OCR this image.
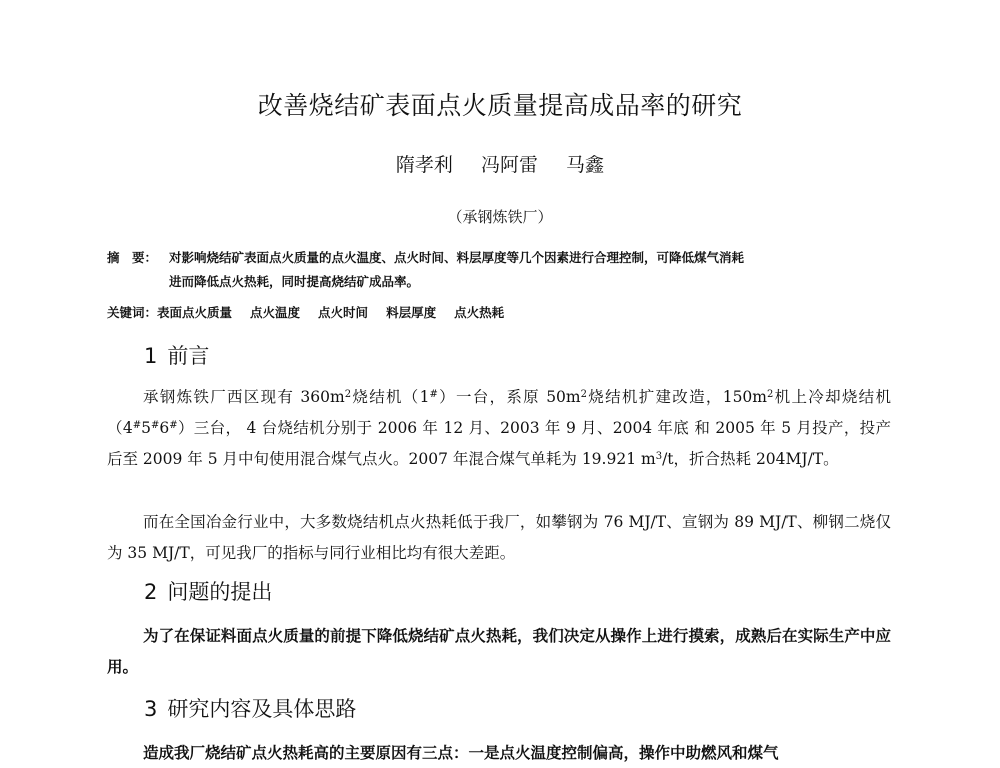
改善烧结矿表面点火质量提高成品率的研究
隋孝利 冯阿雷 马鑫
（承钢炼铁厂）
摘　要： 对影响烧结矿表面点火质量的点火温度、点火时间、料层厚度等几个因素进行合理控制，可降低煤气消耗
进而降低点火热耗，同时提高烧结矿成品率。
关键词：表面点火质量 点火温度 点火时间 料层厚度 点火热耗
1 前言
承钢炼铁厂西区现有 $360m^2$烧结机（1#）一台，系原 $50m^2$烧结机扩建改造，$150m^2$机上冷却烧结机（4#5#6#）三台， 4 台烧结机分别于 2006 年 12 月、2003 年 9 月、2004 年底 和 2005 年 5 月投产，投产后至 2009 年 5 月中旬使用混合煤气点火。2007 年混合煤气单耗为 19.921 $m^3/t$，折合热耗 204MJ/T。
而在全国冶金行业中，大多数烧结机点火热耗低于我厂，如攀钢为 76 MJ/T、宣钢为 89 MJ/T、柳钢二烧仅为 35 MJ/T，可见我厂的指标与同行业相比均有很大差距。
2 问题的提出
为了在保证料面点火质量的前提下降低烧结矿点火热耗，我们决定从操作上进行摸索，成熟后在实际生产中应用。
3 研究内容及具体思路
造成我厂烧结矿点火热耗高的主要原因有三点：一是点火温度控制偏高，操作中助燃风和煤气
